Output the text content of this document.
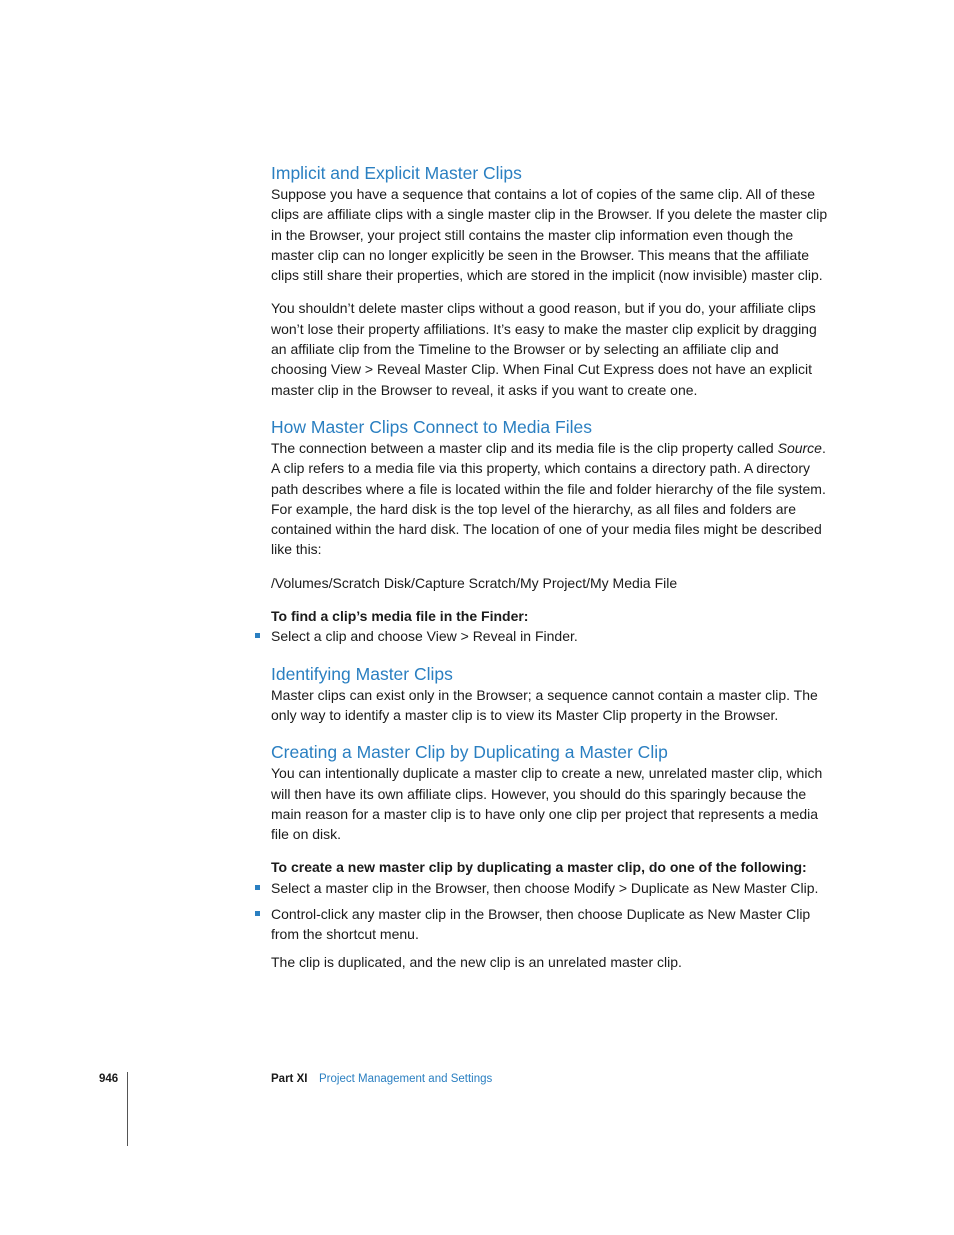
Implicit and Explicit Master Clips

Suppose you have a sequence that contains a lot of copies of the same clip. All of these clips are affiliate clips with a single master clip in the Browser. If you delete the master clip in the Browser, your project still contains the master clip information even though the master clip can no longer explicitly be seen in the Browser. This means that the affiliate clips still share their properties, which are stored in the implicit (now invisible) master clip.

You shouldn’t delete master clips without a good reason, but if you do, your affiliate clips won’t lose their property affiliations. It’s easy to make the master clip explicit by dragging an affiliate clip from the Timeline to the Browser or by selecting an affiliate clip and choosing View > Reveal Master Clip. When Final Cut Express does not have an explicit master clip in the Browser to reveal, it asks if you want to create one.

How Master Clips Connect to Media Files

The connection between a master clip and its media file is the clip property called Source. A clip refers to a media file via this property, which contains a directory path. A directory path describes where a file is located within the file and folder hierarchy of the file system. For example, the hard disk is the top level of the hierarchy, as all files and folders are contained within the hard disk. The location of one of your media files might be described like this:

/Volumes/Scratch Disk/Capture Scratch/My Project/My Media File

To find a clip’s media file in the Finder:

Select a clip and choose View > Reveal in Finder.

Identifying Master Clips

Master clips can exist only in the Browser; a sequence cannot contain a master clip. The only way to identify a master clip is to view its Master Clip property in the Browser.

Creating a Master Clip by Duplicating a Master Clip

You can intentionally duplicate a master clip to create a new, unrelated master clip, which will then have its own affiliate clips. However, you should do this sparingly because the main reason for a master clip is to have only one clip per project that represents a media file on disk.

To create a new master clip by duplicating a master clip, do one of the following:

Select a master clip in the Browser, then choose Modify > Duplicate as New Master Clip.

Control-click any master clip in the Browser, then choose Duplicate as New Master Clip from the shortcut menu.

The clip is duplicated, and the new clip is an unrelated master clip.

946	Part XI Project Management and Settings
